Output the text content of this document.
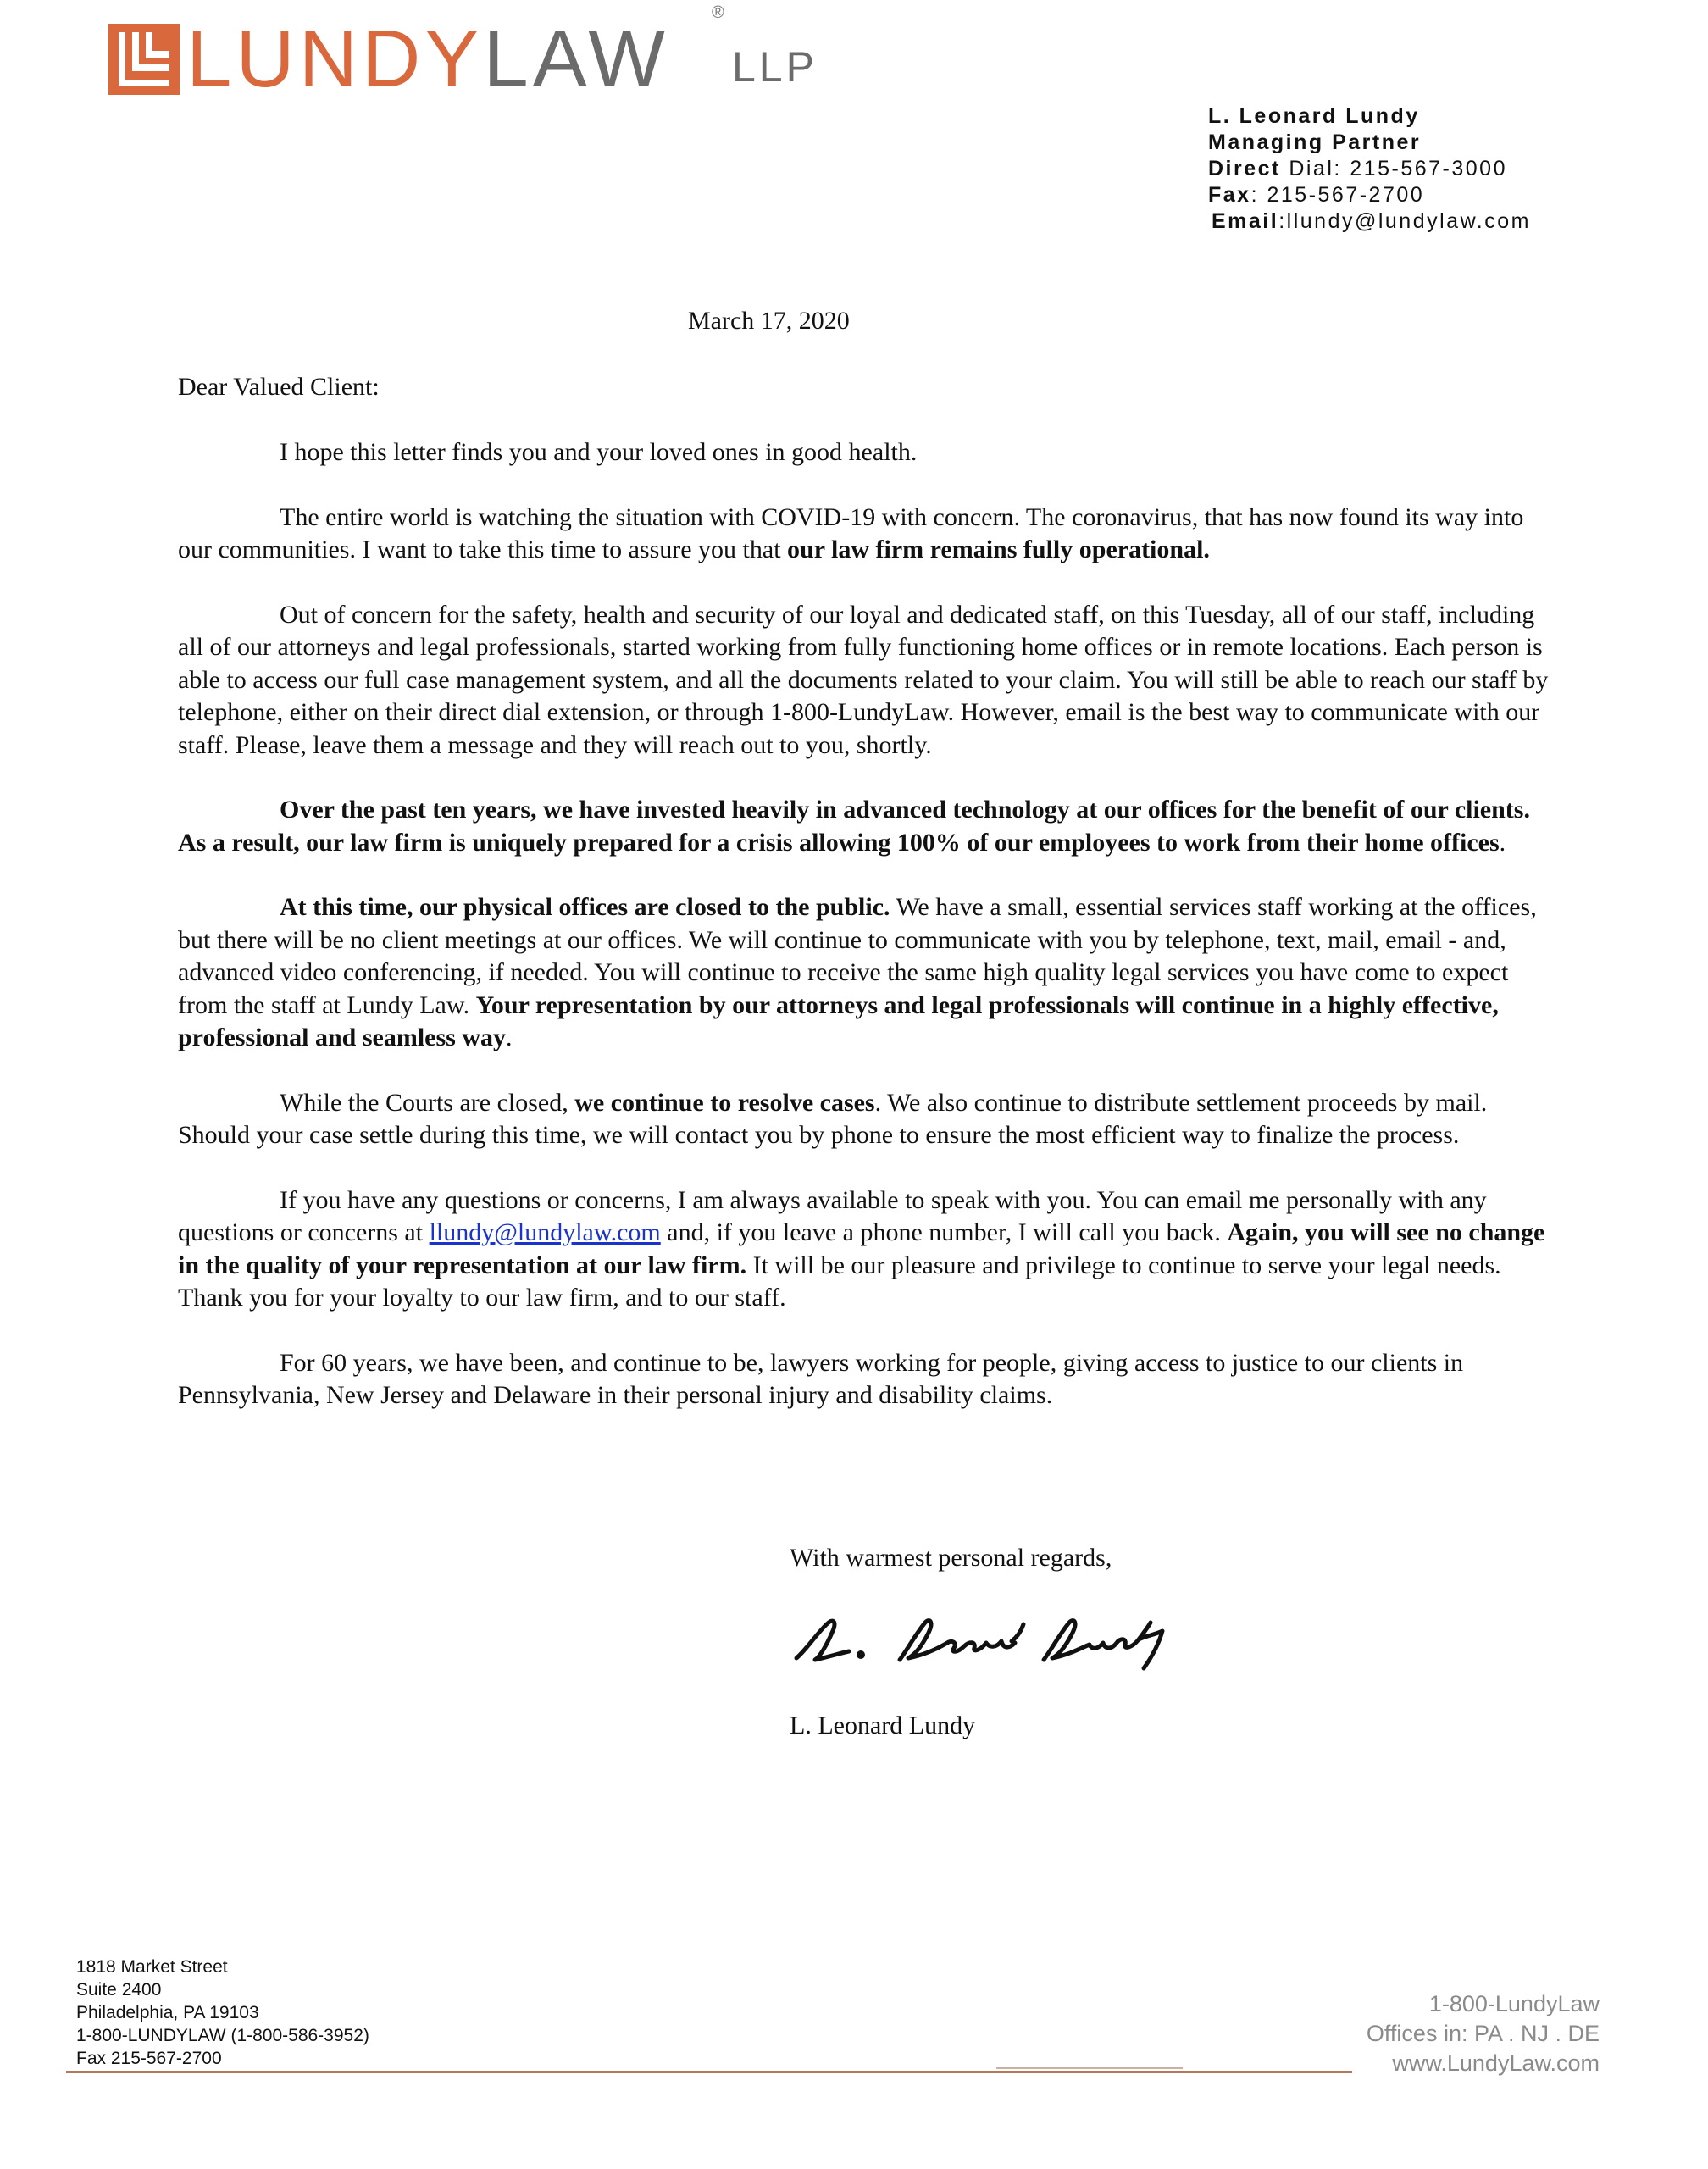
LUNDYLAW
®
LLP
L. Leonard Lundy
Managing Partner
Direct Dial: 215-567-3000
Fax: 215-567-2700
Email:llundy@lundylaw.com
March 17, 2020
Dear Valued Client:

I hope this letter finds you and your loved ones in good health.

The entire world is watching the situation with COVID-19 with concern. The coronavirus, that has now found its way into our communities. I want to take this time to assure you that our law firm remains fully operational.

Out of concern for the safety, health and security of our loyal and dedicated staff, on this Tuesday, all of our staff, including all of our attorneys and legal professionals, started working from fully functioning home offices or in remote locations. Each person is able to access our full case management system, and all the documents related to your claim. You will still be able to reach our staff by telephone, either on their direct dial extension, or through 1-800-LundyLaw. However, email is the best way to communicate with our staff. Please, leave them a message and they will reach out to you, shortly.

Over the past ten years, we have invested heavily in advanced technology at our offices for the benefit of our clients. As a result, our law firm is uniquely prepared for a crisis allowing 100% of our employees to work from their home offices.

At this time, our physical offices are closed to the public. We have a small, essential services staff working at the offices, but there will be no client meetings at our offices. We will continue to communicate with you by telephone, text, mail, email - and, advanced video conferencing, if needed. You will continue to receive the same high quality legal services you have come to expect from the staff at Lundy Law. Your representation by our attorneys and legal professionals will continue in a highly effective, professional and seamless way.

While the Courts are closed, we continue to resolve cases. We also continue to distribute settlement proceeds by mail. Should your case settle during this time, we will contact you by phone to ensure the most efficient way to finalize the process.

If you have any questions or concerns, I am always available to speak with you. You can email me personally with any questions or concerns at llundy@lundylaw.com and, if you leave a phone number, I will call you back. Again, you will see no change in the quality of your representation at our law firm. It will be our pleasure and privilege to continue to serve your legal needs. Thank you for your loyalty to our law firm, and to our staff.

For 60 years, we have been, and continue to be, lawyers working for people, giving access to justice to our clients in Pennsylvania, New Jersey and Delaware in their personal injury and disability claims.

With warmest personal regards,
L. Leonard Lundy
L. Leonard Lundy
1818 Market Street
Suite 2400
Philadelphia, PA 19103
1-800-LUNDYLAW (1-800-586-3952)
Fax 215-567-2700
1-800-LundyLaw
Offices in: PA . NJ . DE
www.LundyLaw.com
